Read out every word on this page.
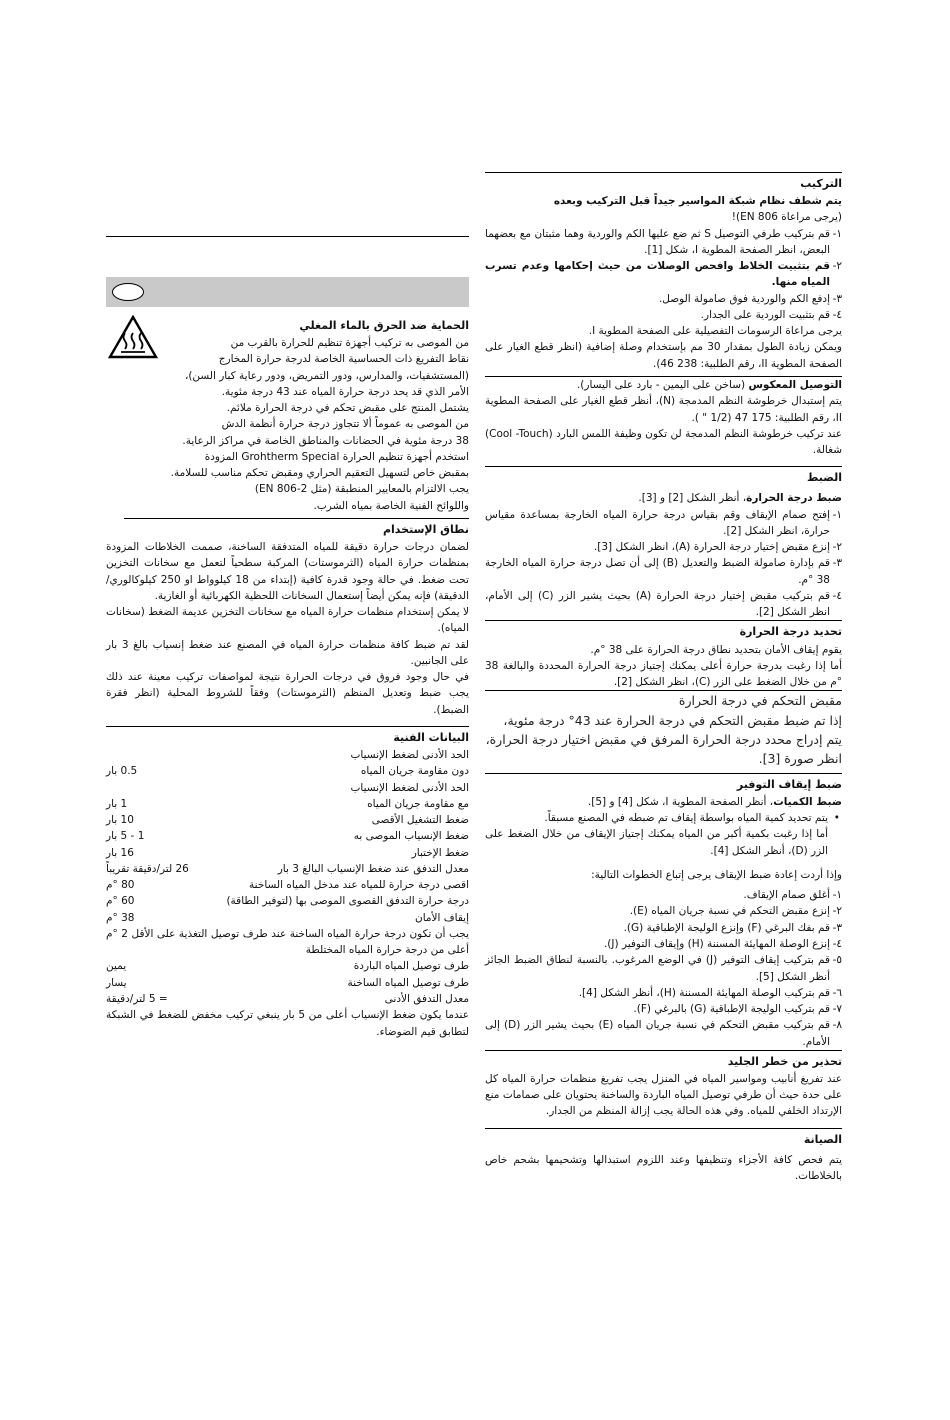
التركيب

يتم شطف نظام شبكة المواسير جيداً قبل التركيب وبعده

(يرجى مراعاة EN 806)!

١-
قم بتركيب طرفي التوصيل S ثم ضع عليها الكم والوردية وهما مثبتان مع بعضهما البعض، انظر الصفحة المطوية I، شكل [1].
٢-
قم بتثبيت الخلاط وافحص الوصلات من حيث إحكامها وعدم تسرب المياه منها.
٣-
إدفع الكم والوردية فوق صامولة الوصل.
٤-
قم بتثبيت الوردية على الجدار.

يرجى مراعاة الرسومات التفصيلية على الصفحة المطوية I.

ويمكن زيادة الطول بمقدار 30 مم بإستخدام وصلة إضافية (انظر قطع الغيار على الصفحة المطوية II، رقم الطلبية: 238 46).

التوصيل المعكوس (ساخن على اليمين - بارد على اليسار).

يتم إستبدال خرطوشة النظم المدمجة (N)، أنظر قطع الغيار على الصفحة المطوية II، رقم الطلبية: 175 47 (1/2 " ).

عند تركيب خرطوشة النظم المدمجة لن تكون وظيفة اللمس البارد (Cool -Touch) شغالة.

الضبط

ضبط درجة الحرارة، أنظر الشكل [2] و [3].

١-
إفتح صمام الإيقاف وقم بقياس درجة حرارة المياه الخارجة بمساعدة مقياس حرارة، انظر الشكل [2].
٢-
إنزع مقبض إختيار درجة الحرارة (A)، انظر الشكل [3].
٣-
قم بإدارة صامولة الضبط والتعديل (B) إلى أن تصل درجة حرارة المياه الخارجة 38 °م.
٤-
قم بتركيب مقبض إختيار درجة الحرارة (A) بحيث يشير الزر (C) إلى الأمام، انظر الشكل [2].
تحديد درجة الحرارة

يقوم إيقاف الأمان بتحديد نطاق درجة الحرارة على 38 °م.

أما إذا رغبت بدرجة حرارة أعلى يمكنك إجتياز درجة الحرارة المحددة والبالغة 38 °م من خلال الضغط على الزر (C)، انظر الشكل [2].

مقبض التحكم في درجة الحرارة

إذا تم ضبط مقبض التحكم في درجة الحرارة عند 43° درجة مئوية، يتم إدراج محدد درجة الحرارة المرفق في مقبض اختيار درجة الحرارة، انظر صورة [3].

ضبط إيقاف التوفير

ضبط الكميات، أنظر الصفحة المطوية I، شكل [4] و [5].

•

يتم تحديد كمية المياه بواسطة إيقاف تم ضبطه في المصنع مسبقاً.

أما إذا رغبت بكمية أكبر من المياه يمكنك إجتياز الإيقاف من خلال الضغط على الزر (D)، أنظر الشكل [4].

وإذا أردت إعادة ضبط الإيقاف يرجى إتباع الخطوات التالية:

١-
أغلق صمام الإيقاف.
٢-
إنزع مقبض التحكم في نسبة جريان المياه (E).
٣-
قم بفك البرغي (F) وإنزع الوليجة الإطباقية (G).
٤-
إنزع الوصلة المهايئة المسننة (H) وإيقاف التوفير (J).
٥-
قم بتركيب إيقاف التوفير (J) في الوضع المرغوب. بالنسبة لنطاق الضبط الجائز أنظر الشكل [5].
٦-
قم بتركيب الوصلة المهايئة المسننة (H)، أنظر الشكل [4].
٧-
قم بتركيب الوليجة الإطباقية (G) بالبرغي (F).
٨-
قم بتركيب مقبض التحكم في نسبة جريان المياه (E) بحيث يشير الزر (D) إلى الأمام.
تحذير من خطر الجليد

عند تفريغ أنابيب ومواسير المياه في المنزل يجب تفريغ منظمات حرارة المياه كل على حدة حيث أن طرفي توصيل المياه الباردة والساخنة يحتويان على صمامات منع الإرتداد الخلفي للمياه. وفي هذه الحالة يجب إزالة المنظم من الجدار.

الصيانة

يتم فحص كافة الأجزاء وتنظيفها وعند اللزوم استبدالها وتشحيمها بشحم خاص بالخلاطات.

الحماية ضد الحرق بالماء المغلي

من الموصى به تركيب أجهزة تنظيم للحرارة بالقرب من

نقاط التفريغ ذات الحساسية الخاصة لدرجة حرارة المخارج

(المستشفيات، والمدارس، ودور التمريض، ودور رعاية كبار السن)،

الأمر الذي قد يحد درجة حرارة المياه عند 43 درجة مئوية.

يشتمل المنتج على مقبض تحكم في درجة الحرارة ملائم.

من الموصى به عموماً ألا تتجاوز درجة حرارة أنظمة الدش

38 درجة مئوية في الحضانات والمناطق الخاصة في مراكز الرعاية.

استخدم أجهزة تنظيم الحرارة Grohtherm Special المزودة

بمقبض خاص لتسهيل التعقيم الحراري ومقبض تحكم مناسب للسلامة.

يجب الالتزام بالمعايير المنطبقة (مثل EN 806-2)

واللوائح الفنية الخاصة بمياه الشرب.

نطاق الإستخدام

لضمان درجات حرارة دقيقة للمياه المتدفقة الساخنة، صممت الخلاطات المزودة بمنظمات حرارة المياه (الثرموستات) المركبة سطحياً لتعمل مع سخانات التخزين تحت ضغط. في حالة وجود قدرة كافية (إبتداء من 18 كيلوواط او 250 كيلوكالوري/الدقيقة) فإنه يمكن أيضاً إستعمال السخانات اللحظية الكهربائية أو الغازية.

لا يمكن إستخدام منظمات حرارة المياه مع سخانات التخزين عديمة الضغط (سخانات المياه).

لقد تم ضبط كافة منظمات حرارة المياه في المصنع عند ضغط إنسياب بالغ 3 بار على الجانبين.

في حال وجود فروق في درجات الحرارة نتيجة لمواصفات تركيب معينة عند ذلك يجب ضبط وتعديل المنظم (الثرموستات) وفقاً للشروط المحلية (انظر فقرة الضبط).

البيانات الفنية
الحد الأدنى لضغط الإنسياب	
دون مقاومة جريان المياه	0.5 بار
الحد الأدنى لضغط الإنسياب	
مع مقاومة جريان المياه	1 بار
ضغط التشغيل الأقصى	10 بار
ضغط الإنسياب الموصى به	1 - 5 بار
ضغط الإختبار	16 بار
معدل التدفق عند ضغط الإنسياب البالغ 3 بار	26 لتر/دقيقة تقريباً
اقصى درجة حرارة للمياه عند مدخل المياه الساخنة	80 °م
درجة حرارة التدفق القصوى الموصى بها (لتوفير الطاقة)	60 °م
إيقاف الأمان	38 °م

يجب أن تكون درجة حرارة المياه الساخنة عند طرف توصيل التغذية على الأقل 2 °م أعلى من درجة حرارة المياه المختلطة

طرف توصيل المياه الباردة	يمين
طرف توصيل المياه الساخنة	يسار
معدل التدفق الأدنى	= 5 لتر/دقيقة

عندما يكون ضغط الإنسياب أعلى من 5 بار ينبغي تركيب مخفض للضغط في الشبكة لتطابق قيم الضوضاء.
